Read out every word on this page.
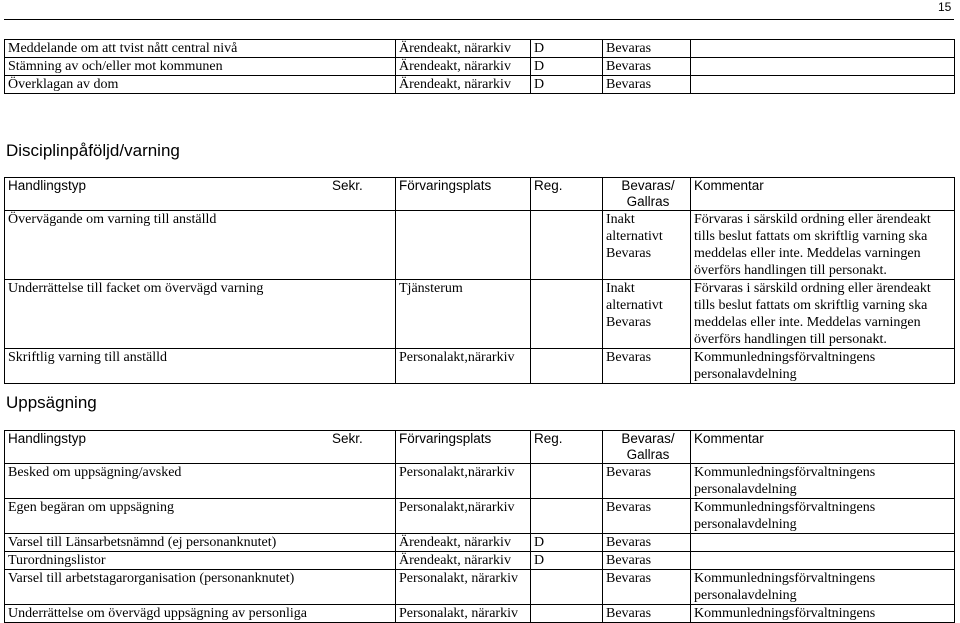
15
Meddelande om att tvist nått central nivå	Ärendeakt, närarkiv	D	Bevaras	
Stämning av och/eller mot kommunen	Ärendeakt, närarkiv	D	Bevaras	
Överklagan av dom	Ärendeakt, närarkiv	D	Bevaras	
Disciplinpåföljd/varning
Handlingstyp Sekr.	Förvaringsplats	Reg.	Bevaras/ Gallras	Kommentar
Övervägande om varning till anställd			Inakt alternativt Bevaras	Förvaras i särskild ordning eller ärendeakt tills beslut fattats om skriftlig varning ska meddelas eller inte. Meddelas varningen överförs handlingen till personakt.
Underrättelse till facket om övervägd varning	Tjänsterum		Inakt alternativt Bevaras	Förvaras i särskild ordning eller ärendeakt tills beslut fattats om skriftlig varning ska meddelas eller inte. Meddelas varningen överförs handlingen till personakt.
Skriftlig varning till anställd	Personalakt,närarkiv		Bevaras	Kommunledningsförvaltningens personalavdelning
Uppsägning
Handlingstyp Sekr.	Förvaringsplats	Reg.	Bevaras/ Gallras	Kommentar
Besked om uppsägning/avsked	Personalakt,närarkiv		Bevaras	Kommunledningsförvaltningens personalavdelning
Egen begäran om uppsägning	Personalakt,närarkiv		Bevaras	Kommunledningsförvaltningens personalavdelning
Varsel till Länsarbetsnämnd (ej personanknutet)	Ärendeakt, närarkiv	D	Bevaras	
Turordningslistor	Ärendeakt, närarkiv	D	Bevaras	
Varsel till arbetstagarorganisation (personanknutet)	Personalakt, närarkiv		Bevaras	Kommunledningsförvaltningens personalavdelning
Underrättelse om övervägd uppsägning av personliga	Personalakt, närarkiv		Bevaras	Kommunledningsförvaltningens
